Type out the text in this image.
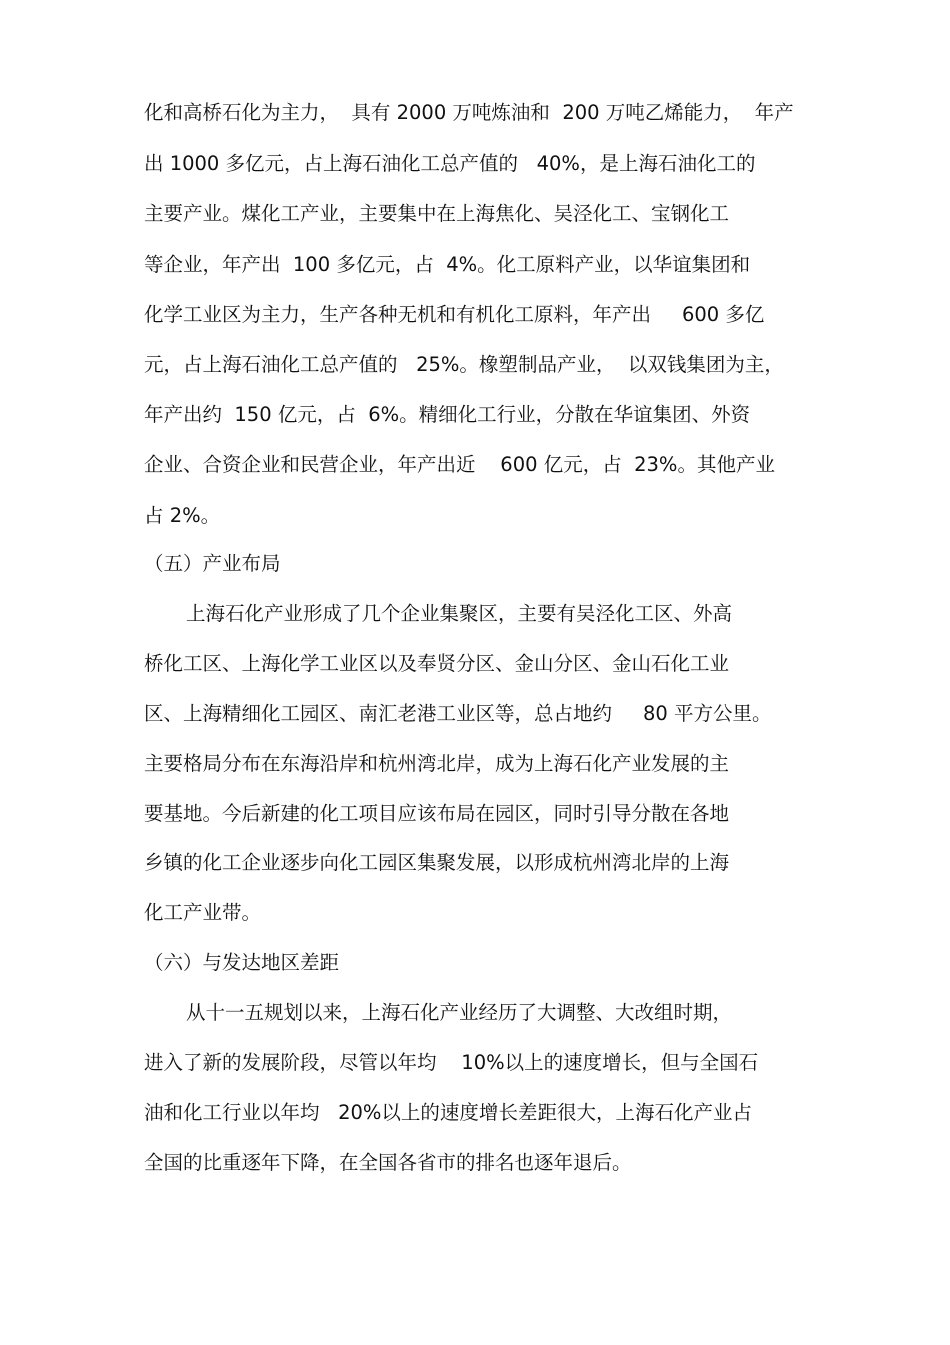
化和高桥石化为主力，  具有 2000 万吨炼油和  200 万吨乙烯能力，  年产
出 1000 多亿元，占上海石油化工总产值的   40%，是上海石油化工的
主要产业。煤化工产业，主要集中在上海焦化、吴泾化工、宝钢化工
等企业，年产出  100 多亿元，占  4%。化工原料产业，以华谊集团和
化学工业区为主力，生产各种无机和有机化工原料，年产出     600 多亿
元，占上海石油化工总产值的   25%。橡塑制品产业，  以双钱集团为主，
年产出约  150 亿元，占  6%。精细化工行业，分散在华谊集团、外资
企业、合资企业和民营企业，年产出近    600 亿元，占  23%。其他产业
占 2%。
（五）产业布局
上海石化产业形成了几个企业集聚区，主要有吴泾化工区、外高
桥化工区、上海化学工业区以及奉贤分区、金山分区、金山石化工业
区、上海精细化工园区、南汇老港工业区等，总占地约     80 平方公里。
主要格局分布在东海沿岸和杭州湾北岸，成为上海石化产业发展的主
要基地。今后新建的化工项目应该布局在园区，同时引导分散在各地
乡镇的化工企业逐步向化工园区集聚发展，以形成杭州湾北岸的上海
化工产业带。
（六）与发达地区差距
从十一五规划以来，上海石化产业经历了大调整、大改组时期，
进入了新的发展阶段，尽管以年均    10%以上的速度增长，但与全国石
油和化工行业以年均   20%以上的速度增长差距很大，上海石化产业占
全国的比重逐年下降，在全国各省市的排名也逐年退后。
